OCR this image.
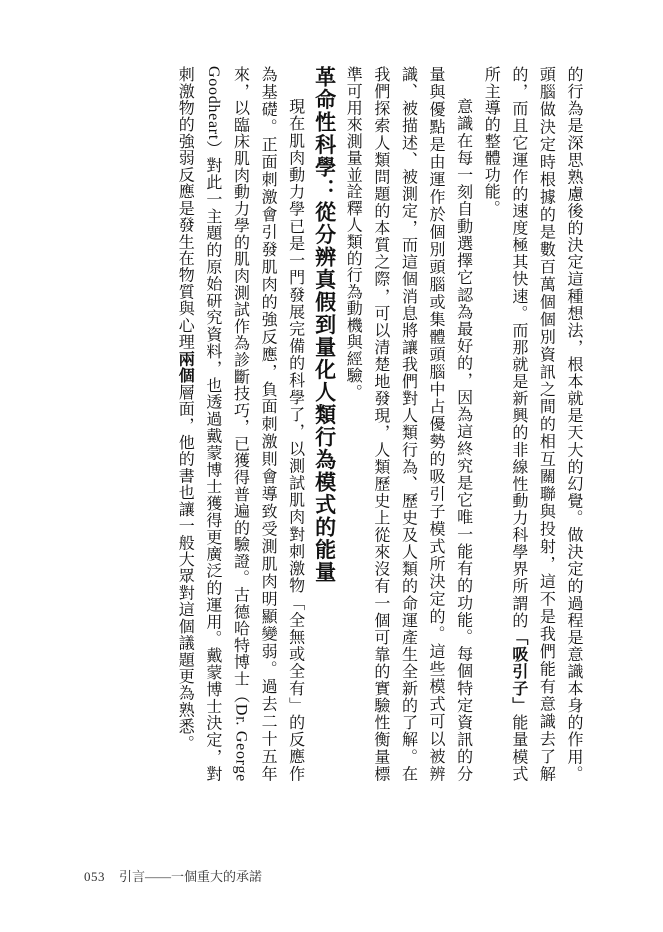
的行為是深思熟慮後的決定這種想法，根本就是天大的幻覺。做決定的過程是意識本身的作用。頭腦做決定時根據的是數百萬個個別資訊之間的相互關聯與投射，這不是我們能有意識去了解的，而且它運作的速度極其快速。而那就是新興的非線性動力科學界所謂的「吸引子」能量模式所主導的整體功能。

意識在每一刻自動選擇它認為最好的，因為這終究是它唯一能有的功能。每個特定資訊的分量與優點是由運作於個別頭腦或集體頭腦中占優勢的吸引子模式所決定的。這些模式可以被辨識、被描述、被測定，而這個消息將讓我們對人類行為、歷史及人類的命運產生全新的了解。在我們探索人類問題的本質之際，可以清楚地發現，人類歷史上從來沒有一個可靠的實驗性衡量標準可用來測量並詮釋人類的行為動機與經驗。

革命性科學：從分辨真假到量化人類行為模式的能量

現在肌肉動力學已是一門發展完備的科學了，以測試肌肉對刺激物「全無或全有」的反應作為基礎。正面刺激會引發肌肉的強反應，負面刺激則會導致受測肌肉明顯變弱。過去二十五年來，以臨床肌肉動力學的肌肉測試作為診斷技巧，已獲得普遍的驗證。古德哈特博士（Dr. George Goodheart）對此一主題的原始研究資料，也透過戴蒙博士獲得更廣泛的運用。戴蒙博士決定，對刺激物的強弱反應是發生在物質與心理兩個層面，他的書也讓一般大眾對這個議題更為熟悉。

053 引言——一個重大的承諾
